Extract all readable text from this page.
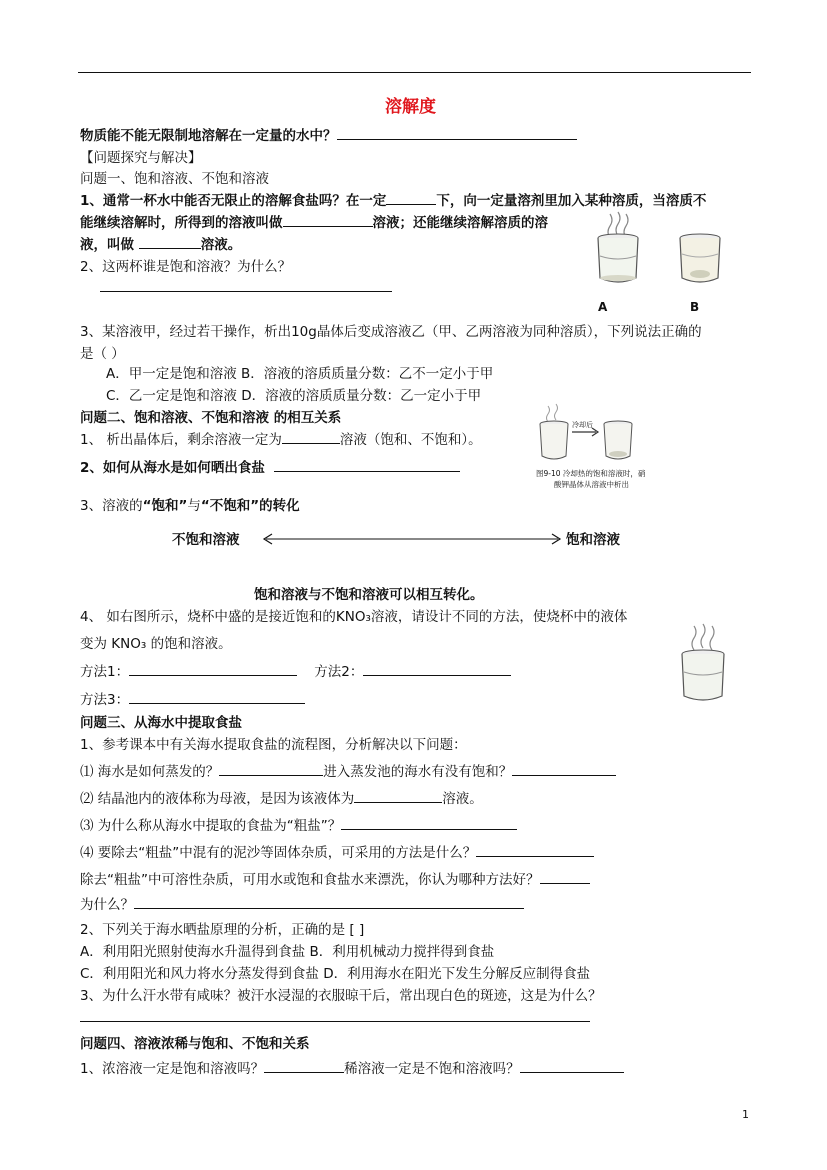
溶解度
物质能不能无限制地溶解在一定量的水中？
【问题探究与解决】
问题一、饱和溶液、不饱和溶液
1、通常一杯水中能否无限止的溶解食盐吗？在一定	下，向一定量溶剂里加入某种溶质，当溶质不
能继续溶解时，所得到的溶液叫做	溶液；还能继续溶解溶质的溶
液，叫做	溶液。
2、这两杯谁是饱和溶液？为什么？
A	B
3、某溶液甲，经过若干操作，析出10g晶体后变成溶液乙（甲、乙两溶液为同种溶质），下列说法正确的
是（ ）
A．甲一定是饱和溶液 B．溶液的溶质质量分数：乙不一定小于甲
C．乙一定是饱和溶液 D．溶液的溶质质量分数：乙一定小于甲
问题二、饱和溶液、不饱和溶液 的相互关系
1、 析出晶体后，剩余溶液一定为	溶液（饱和、不饱和）。
2、如何从海水是如何晒出食盐
冷却后
图9-10 冷却热的饱和溶液时，硝
酸钾晶体从溶液中析出
3、溶液的“饱和”与“不饱和”的转化
不饱和溶液	饱和溶液
饱和溶液与不饱和溶液可以相互转化。
4、 如右图所示，烧杯中盛的是接近饱和的KNO₃溶液，请设计不同的方法，使烧杯中的液体
变为 KNO₃ 的饱和溶液。
方法1：	方法2：
方法3：
问题三、从海水中提取食盐
1、参考课本中有关海水提取食盐的流程图，分析解决以下问题：
⑴ 海水是如何蒸发的？	进入蒸发池的海水有没有饱和？
⑵ 结晶池内的液体称为母液，是因为该液体为	溶液。
⑶ 为什么称从海水中提取的食盐为“粗盐”？
⑷ 要除去“粗盐”中混有的泥沙等固体杂质，可采用的方法是什么？
除去“粗盐”中可溶性杂质，可用水或饱和食盐水来漂洗，你认为哪种方法好？
为什么？
2、下列关于海水晒盐原理的分析，正确的是 [ ]
A．利用阳光照射使海水升温得到食盐 B．利用机械动力搅拌得到食盐
C．利用阳光和风力将水分蒸发得到食盐 D．利用海水在阳光下发生分解反应制得食盐
3、为什么汗水带有咸味？被汗水浸湿的衣服晾干后，常出现白色的斑迹，这是为什么？
问题四、溶液浓稀与饱和、不饱和关系
1、浓溶液一定是饱和溶液吗？	稀溶液一定是不饱和溶液吗？
1
